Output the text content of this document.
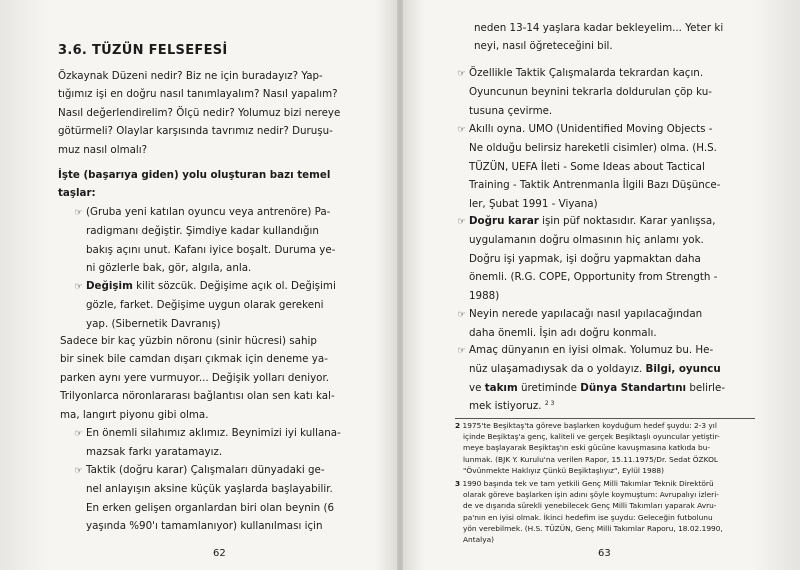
3.6. TÜZÜN FELSEFESİ

Özkaynak Düzeni nedir? Biz ne için buradayız? Yap-
tığımız işi en doğru nasıl tanımlayalım? Nasıl yapalım?
Nasıl değerlendirelim? Ölçü nedir? Yolumuz bizi nereye
götürmeli? Olaylar karşısında tavrımız nedir? Duruşu-
muz nasıl olmalı?

İşte (başarıya giden) yolu oluşturan bazı temel
taşlar:

☞ (Gruba yeni katılan oyuncu veya antrenöre) Pa-
radigmanı değiştir. Şimdiye kadar kullandığın
bakış açını unut. Kafanı iyice boşalt. Duruma ye-
ni gözlerle bak, gör, algıla, anla.

☞ Değişim kilit sözcük. Değişime açık ol. Değişimi
gözle, farket. Değişime uygun olarak gerekeni
yap. (Sibernetik Davranış)

Sadece bir kaç yüzbin nöronu (sinir hücresi) sahip
bir sinek bile camdan dışarı çıkmak için deneme ya-
parken aynı yere vurmuyor... Değişik yolları deniyor.
Trilyonlarca nöronlararası bağlantısı olan sen katı kal-
ma, langırt piyonu gibi olma.

☞ En önemli silahımız aklımız. Beynimizi iyi kullana-
mazsak farkı yaratamayız.

☞ Taktik (doğru karar) Çalışmaları dünyadaki ge-
nel anlayışın aksine küçük yaşlarda başlayabilir.
En erken gelişen organlardan biri olan beynin (6
yaşında %90'ı tamamlanıyor) kullanılması için

62

neden 13-14 yaşlara kadar bekleyelim... Yeter ki
neyi, nasıl öğreteceğini bil.

☞ Özellikle Taktik Çalışmalarda tekrardan kaçın.
Oyuncunun beynini tekrarla doldurulan çöp ku-
tusuna çevirme.

☞ Akıllı oyna. UMO (Unidentified Moving Objects -
Ne olduğu belirsiz hareketli cisimler) olma. (H.S.
TÜZÜN, UEFA İleti - Some Ideas about Tactical
Training - Taktik Antrenmanla İlgili Bazı Düşünce-
ler, Şubat 1991 - Viyana)

☞ Doğru karar işin püf noktasıdır. Karar yanlışsa,
uygulamanın doğru olmasının hiç anlamı yok.
Doğru işi yapmak, işi doğru yapmaktan daha
önemli. (R.G. COPE, Opportunity from Strength -
1988)

☞ Neyin nerede yapılacağı nasıl yapılacağından
daha önemli. İşin adı doğru konmalı.

☞ Amaç dünyanın en iyisi olmak. Yolumuz bu. He-
nüz ulaşamadıysak da o yoldayız. Bilgi, oyuncu
ve takım üretiminde Dünya Standartını belirle-
mek istiyoruz. $^{2 3}$

2 1975'te Beşiktaş'ta göreve başlarken koyduğum hedef şuydu: 2-3 yıl
içinde Beşiktaş'a genç, kaliteli ve gerçek Beşiktaşlı oyuncular yetiştir-
meye başlayarak Beşiktaş'ın eski gücüne kavuşmasına katkıda bu-
lunmak. (BJK Y. Kurulu'na verilen Rapor, 15.11.1975/Dr. Sedat ÖZKOL
"Övünmekte Haklıyız Çünkü Beşiktaşlıyız", Eylül 1988)

3 1990 başında tek ve tam yetkili Genç Milli Takımlar Teknik Direktörü
olarak göreve başlarken işin adını şöyle koymuştum: Avrupalıyı izleri-
de ve dışarıda sürekli yenebilecek Genç Milli Takımları yaparak Avru-
pa'nın en iyisi olmak. İkinci hedefim ise şuydu: Geleceğin futbolunu
yön verebilmek. (H.S. TÜZÜN, Genç Milli Takımlar Raporu, 18.02.1990,
Antalya)

63
